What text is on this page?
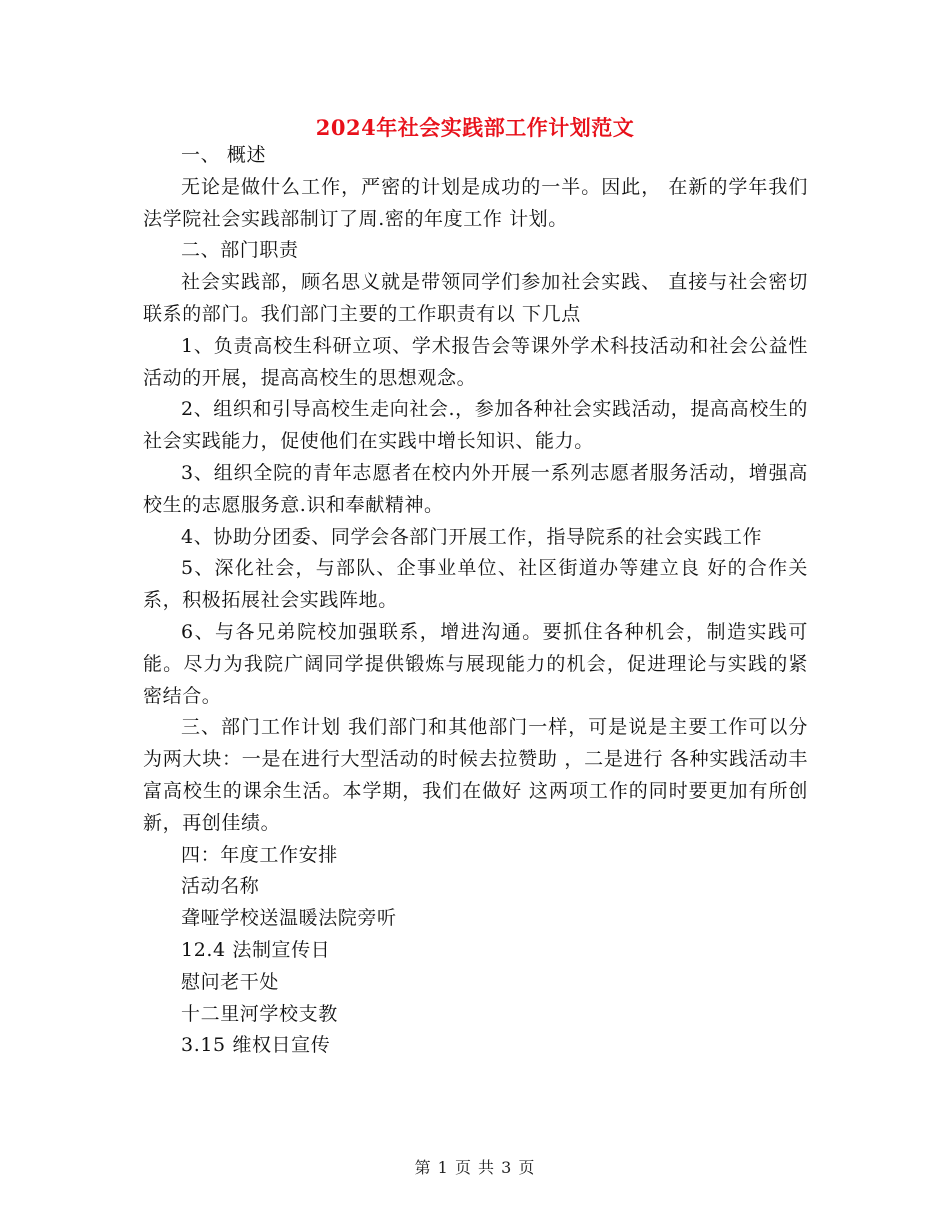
2024年社会实践部工作计划范文

一、 概述

无论是做什么工作，严密的计划是成功的一半。因此， 在新的学年我们法学院社会实践部制订了周.密的年度工作 计划。

二、部门职责

社会实践部，顾名思义就是带领同学们参加社会实践、 直接与社会密切联系的部门。我们部门主要的工作职责有以 下几点

1、负责高校生科研立项、学术报告会等课外学术科技活动和社会公益性活动的开展，提高高校生的思想观念。

2、组织和引导高校生走向社会.，参加各种社会实践活动，提高高校生的社会实践能力，促使他们在实践中增长知识、能力。

3、组织全院的青年志愿者在校内外开展一系列志愿者服务活动，增强高校生的志愿服务意.识和奉献精神。

4、协助分团委、同学会各部门开展工作，指导院系的社会实践工作

5、深化社会，与部队、企事业单位、社区街道办等建立良 好的合作关系，积极拓展社会实践阵地。

6、与各兄弟院校加强联系，增进沟通。要抓住各种机会，制造实践可能。尽力为我院广阔同学提供锻炼与展现能力的机会，促进理论与实践的紧密结合。

三、部门工作计划 我们部门和其他部门一样，可是说是主要工作可以分为两大块：一是在进行大型活动的时候去拉赞助 ，二是进行 各种实践活动丰富高校生的课余生活。本学期，我们在做好 这两项工作的同时要更加有所创新，再创佳绩。

四：年度工作安排

活动名称

聋哑学校送温暖法院旁听

12.4 法制宣传日

慰问老干处

十二里河学校支教

3.15 维权日宣传

第 1 页 共 3 页
